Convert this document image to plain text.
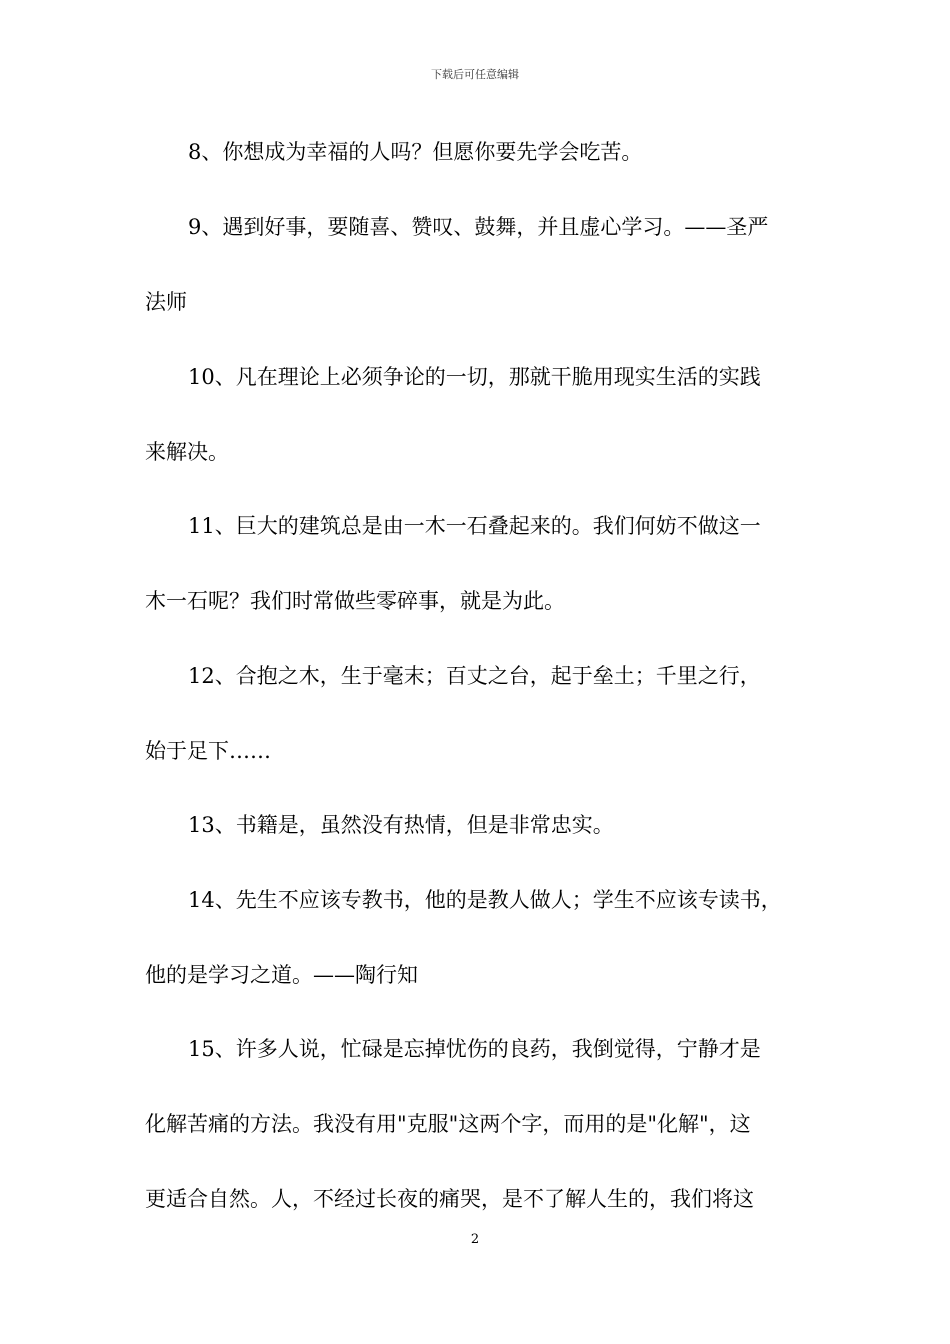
下载后可任意编辑
8、你想成为幸福的人吗？但愿你要先学会吃苦。
9、遇到好事，要随喜、赞叹、鼓舞，并且虚心学习。——圣严
法师
10、凡在理论上必须争论的一切，那就干脆用现实生活的实践
来解决。
11、巨大的建筑总是由一木一石叠起来的。我们何妨不做这一
木一石呢？我们时常做些零碎事，就是为此。
12、合抱之木，生于毫末；百丈之台，起于垒土；千里之行，
始于足下……
13、书籍是，虽然没有热情，但是非常忠实。
14、先生不应该专教书，他的是教人做人；学生不应该专读书，
他的是学习之道。——陶行知
15、许多人说，忙碌是忘掉忧伤的良药，我倒觉得，宁静才是
化解苦痛的方法。我没有用"克服"这两个字，而用的是"化解"，这
更适合自然。人，不经过长夜的痛哭，是不了解人生的，我们将这
2
